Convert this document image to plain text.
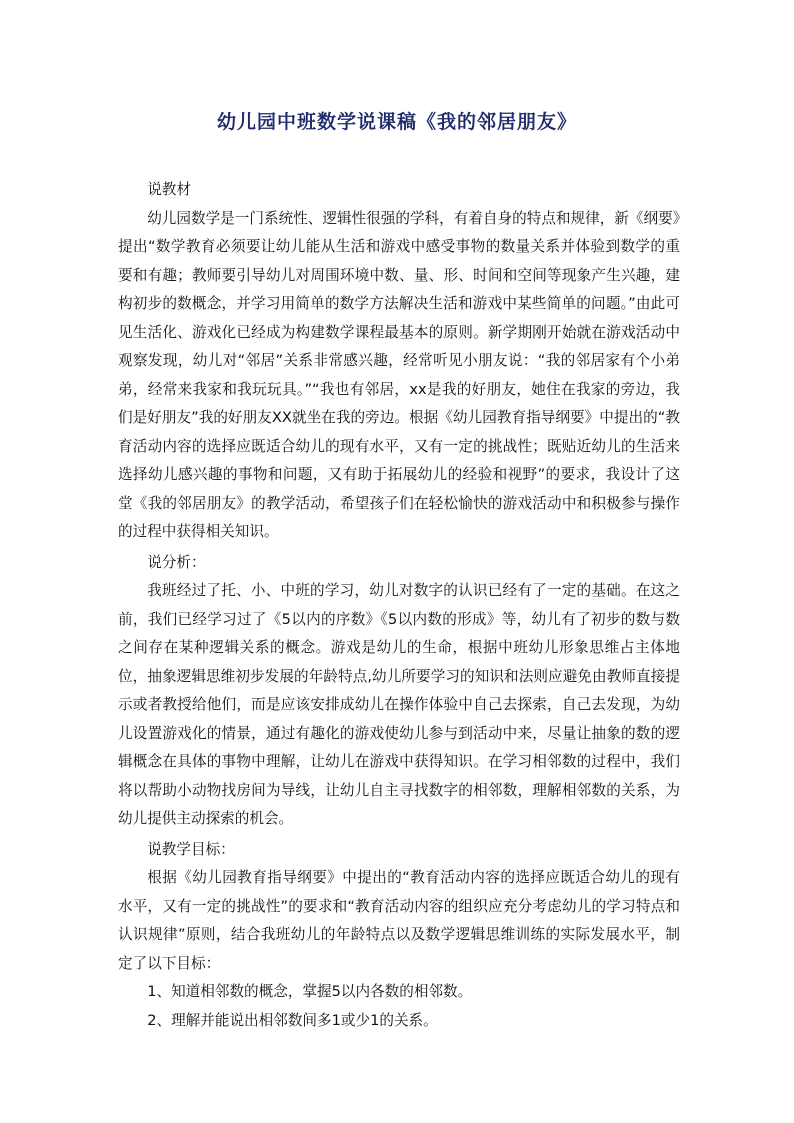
幼儿园中班数学说课稿《我的邻居朋友》

说教材

幼儿园数学是一门系统性、逻辑性很强的学科，有着自身的特点和规律，新《纲要》提出“数学教育必须要让幼儿能从生活和游戏中感受事物的数量关系并体验到数学的重要和有趣；教师要引导幼儿对周围环境中数、量、形、时间和空间等现象产生兴趣，建构初步的数概念，并学习用简单的数学方法解决生活和游戏中某些简单的问题。”由此可见生活化、游戏化已经成为构建数学课程最基本的原则。新学期刚开始就在游戏活动中观察发现，幼儿对“邻居”关系非常感兴趣，经常听见小朋友说：“我的邻居家有个小弟弟，经常来我家和我玩玩具。”“我也有邻居，xx是我的好朋友，她住在我家的旁边，我们是好朋友”我的好朋友XX就坐在我的旁边。根据《幼儿园教育指导纲要》中提出的“教育活动内容的选择应既适合幼儿的现有水平，又有一定的挑战性；既贴近幼儿的生活来选择幼儿感兴趣的事物和问题，又有助于拓展幼儿的经验和视野”的要求，我设计了这堂《我的邻居朋友》的教学活动，希望孩子们在轻松愉快的游戏活动中和积极参与操作的过程中获得相关知识。

说分析：

我班经过了托、小、中班的学习，幼儿对数字的认识已经有了一定的基础。在这之前，我们已经学习过了《5以内的序数》《5以内数的形成》等，幼儿有了初步的数与数之间存在某种逻辑关系的概念。游戏是幼儿的生命，根据中班幼儿形象思维占主体地位，抽象逻辑思维初步发展的年龄特点,幼儿所要学习的知识和法则应避免由教师直接提示或者教授给他们，而是应该安排成幼儿在操作体验中自己去探索，自己去发现，为幼儿设置游戏化的情景，通过有趣化的游戏使幼儿参与到活动中来，尽量让抽象的数的逻辑概念在具体的事物中理解，让幼儿在游戏中获得知识。在学习相邻数的过程中，我们将以帮助小动物找房间为导线，让幼儿自主寻找数字的相邻数，理解相邻数的关系，为幼儿提供主动探索的机会。

说教学目标：

根据《幼儿园教育指导纲要》中提出的“教育活动内容的选择应既适合幼儿的现有水平，又有一定的挑战性”的要求和“教育活动内容的组织应充分考虑幼儿的学习特点和认识规律”原则，结合我班幼儿的年龄特点以及数学逻辑思维训练的实际发展水平，制定了以下目标：

1、知道相邻数的概念，掌握5以内各数的相邻数。

2、理解并能说出相邻数间多1或少1的关系。
